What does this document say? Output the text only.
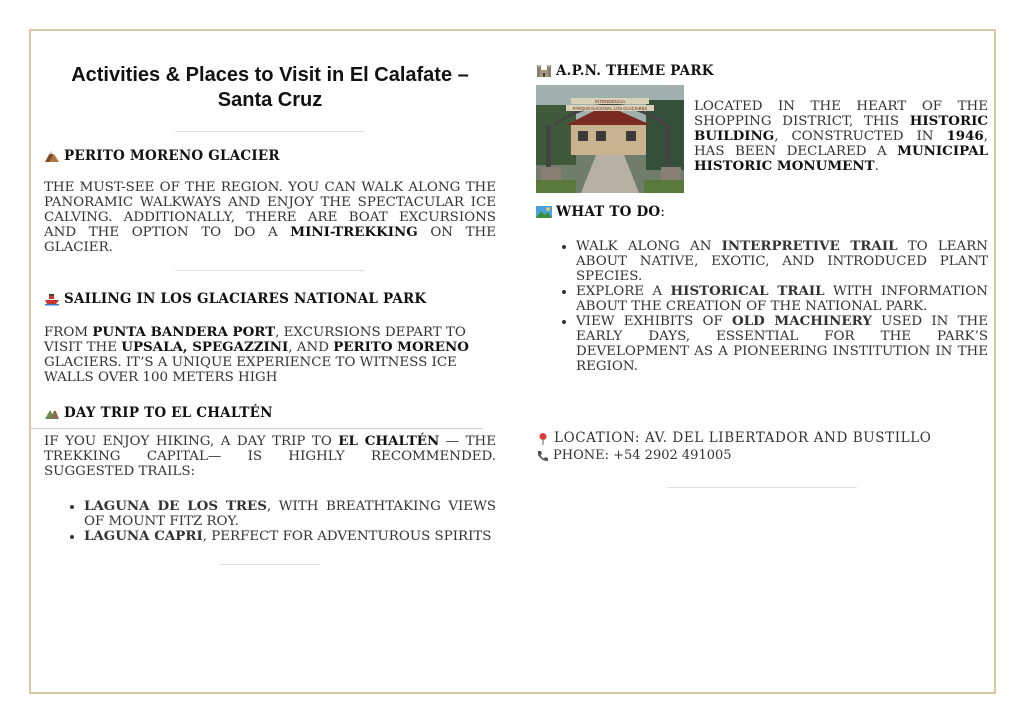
Activities & Places to Visit in El Calafate – Santa Cruz
PERITO MORENO GLACIER

THE MUST-SEE OF THE REGION. YOU CAN WALK ALONG THE PANORAMIC WALKWAYS AND ENJOY THE SPECTACULAR ICE CALVING. ADDITIONALLY, THERE ARE BOAT EXCURSIONS AND THE OPTION TO DO A MINI-TREKKING ON THE GLACIER.

SAILING IN LOS GLACIARES NATIONAL PARK

FROM PUNTA BANDERA PORT, EXCURSIONS DEPART TO VISIT THE UPSALA, SPEGAZZINI, AND PERITO MORENO GLACIERS. IT’S A UNIQUE EXPERIENCE TO WITNESS ICE WALLS OVER 100 METERS HIGH

DAY TRIP TO EL CHALTÉN

IF YOU ENJOY HIKING, A DAY TRIP TO EL CHALTÉN — THE TREKKING CAPITAL— IS HIGHLY RECOMMENDED. SUGGESTED TRAILS:

• LAGUNA DE LOS TRES, WITH BREATHTAKING VIEWS OF MOUNT FITZ ROY.
• LAGUNA CAPRI, PERFECT FOR ADVENTUROUS SPIRITS
A.P.N. THEME PARK
INTENDENCIA
PARQUE NACIONAL LOS GLACIARES	LOCATED IN THE HEART OF THE SHOPPING DISTRICT, THIS HISTORIC BUILDING, CONSTRUCTED IN 1946, HAS BEEN DECLARED A MUNICIPAL HISTORIC MONUMENT.

WHAT TO DO:
• WALK ALONG AN INTERPRETIVE TRAIL TO LEARN ABOUT NATIVE, EXOTIC, AND INTRODUCED PLANT SPECIES.
• EXPLORE A HISTORICAL TRAIL WITH INFORMATION ABOUT THE CREATION OF THE NATIONAL PARK.
• VIEW EXHIBITS OF OLD MACHINERY USED IN THE EARLY DAYS, ESSENTIAL FOR THE PARK’S DEVELOPMENT AS A PIONEERING INSTITUTION IN THE REGION.
LOCATION: AV. DEL LIBERTADOR AND BUSTILLO
PHONE: +54 2902 491005
